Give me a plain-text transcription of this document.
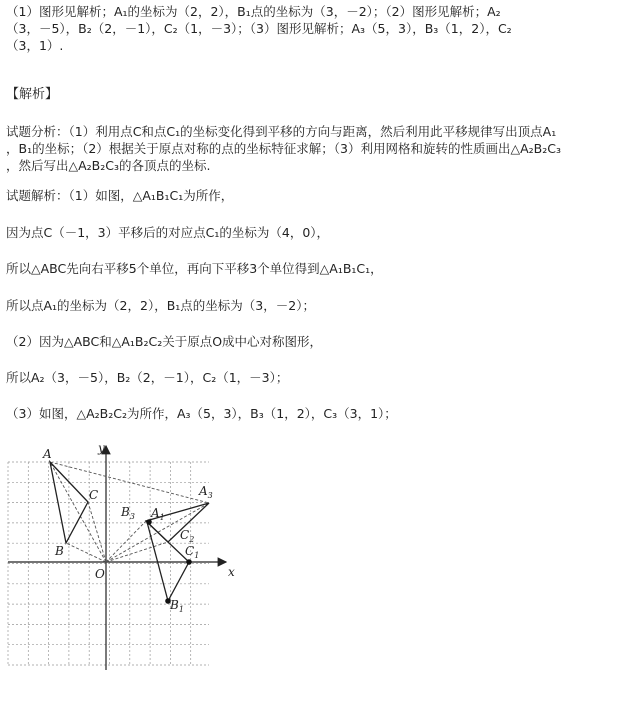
（1）图形见解析；A₁的坐标为（2，2），B₁点的坐标为（3，－2）；（2）图形见解析；A₂
（3，－5），B₂（2，－1），C₂（1，－3）；（3）图形见解析；A₃（5，3），B₃（1，2），C₂
（3，1）.
【解析】
试题分析：（1）利用点C和点C₁的坐标变化得到平移的方向与距离，然后利用此平移规律写出顶点A₁
，B₁的坐标；（2）根据关于原点对称的点的坐标特征求解；（3）利用网格和旋转的性质画出△A₂B₂C₃
，然后写出△A₂B₂C₃的各顶点的坐标.
试题解析：（1）如图，△A₁B₁C₁为所作，
因为点C（－1，3）平移后的对应点C₁的坐标为（4，0），
所以△ABC先向右平移5个单位，再向下平移3个单位得到△A₁B₁C₁，
所以点A₁的坐标为（2，2），B₁点的坐标为（3，－2）；
（2）因为△ABC和△A₁B₂C₂关于原点O成中心对称图形，
所以A₂（3，－5），B₂（2，－1），C₂（1，－3）；
（3）如图，△A₂B₂C₂为所作，A₃（5，3），B₃（1，2），C₃（3，1）；
y
x
O
A
B
C
$B_3$ $A_1$
$A_3$
$C_2$
$C_1$
$B_1$
